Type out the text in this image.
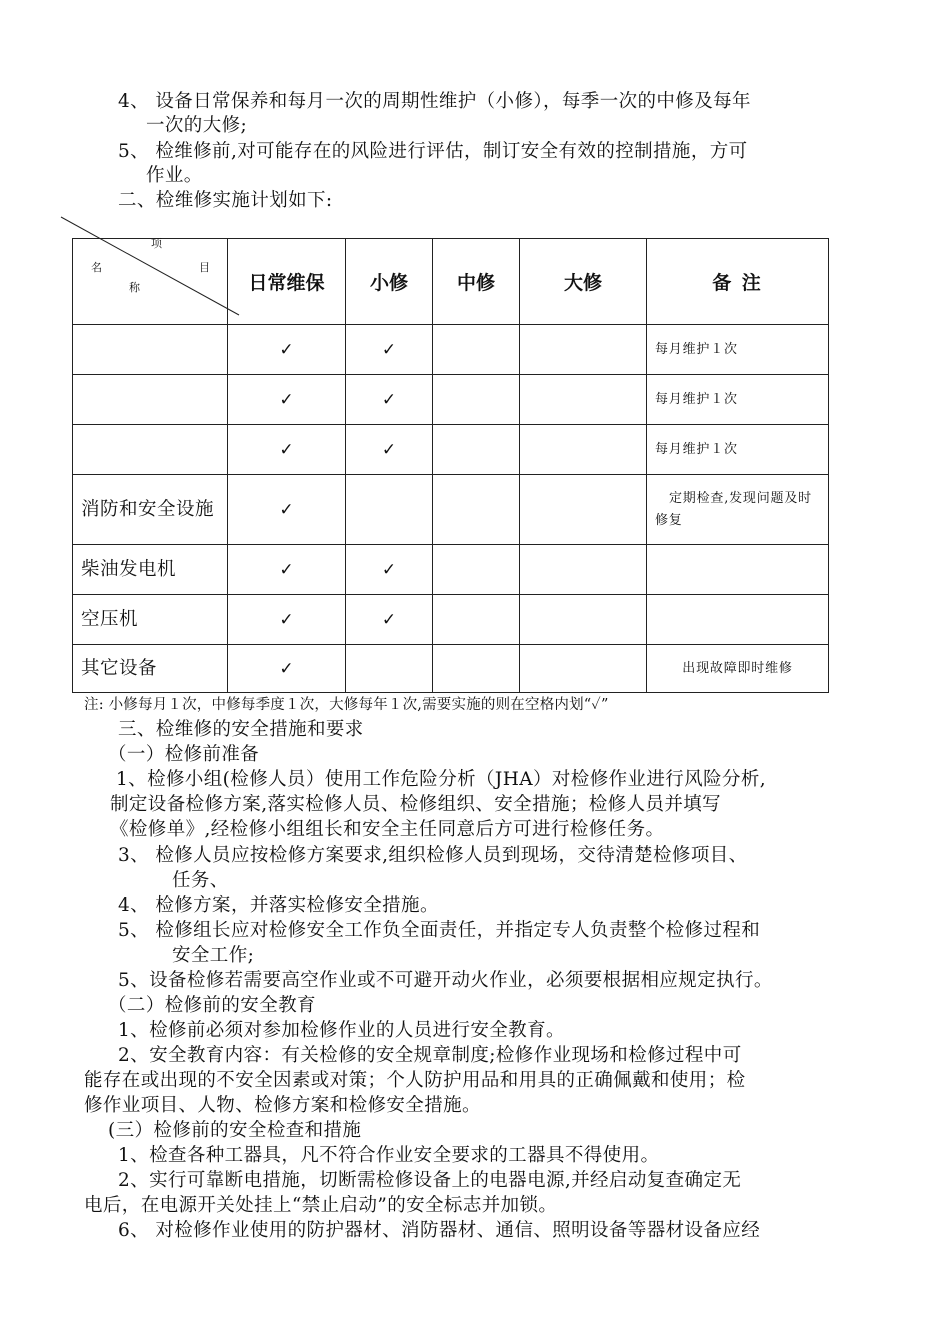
4、 设备日常保养和每月一次的周期性维护（小修），每季一次的中修及每年
一次的大修;
5、 检维修前,对可能存在的风险进行评估，制订安全有效的控制措施，方可
作业。
二、检维修实施计划如下:
项
目
名
称	日常维保	小修	中修	大修	备 注
	✓	✓			每月维护１次
	✓	✓			每月维护１次
	✓	✓			每月维护１次
消防和安全设施	✓				定期检查,发现问题及时修复
柴油发电机	✓	✓			
空压机	✓	✓			
其它设备	✓				出现故障即时维修
注: 小修每月１次，中修每季度１次，大修每年１次,需要实施的则在空格内划“✓”
三、检维修的安全措施和要求
（一）检修前准备
1、检修小组(检修人员）使用工作危险分析（JHA）对检修作业进行风险分析,
制定设备检修方案,落实检修人员、检修组织、安全措施；检修人员并填写
《检修单》,经检修小组组长和安全主任同意后方可进行检修任务。
3、 检修人员应按检修方案要求,组织检修人员到现场，交待清楚检修项目、
任务、
4、 检修方案，并落实检修安全措施。
5、 检修组长应对检修安全工作负全面责任，并指定专人负责整个检修过程和
安全工作;
5、设备检修若需要高空作业或不可避开动火作业，必须要根据相应规定执行。
（二）检修前的安全教育
1、检修前必须对参加检修作业的人员进行安全教育。
2、安全教育内容：有关检修的安全规章制度;检修作业现场和检修过程中可
能存在或出现的不安全因素或对策；个人防护用品和用具的正确佩戴和使用；检
修作业项目、人物、检修方案和检修安全措施。
(三）检修前的安全检查和措施
1、检查各种工器具，凡不符合作业安全要求的工器具不得使用。
2、实行可靠断电措施，切断需检修设备上的电器电源,并经启动复查确定无
电后，在电源开关处挂上“禁止启动”的安全标志并加锁。
6、 对检修作业使用的防护器材、消防器材、通信、照明设备等器材设备应经
